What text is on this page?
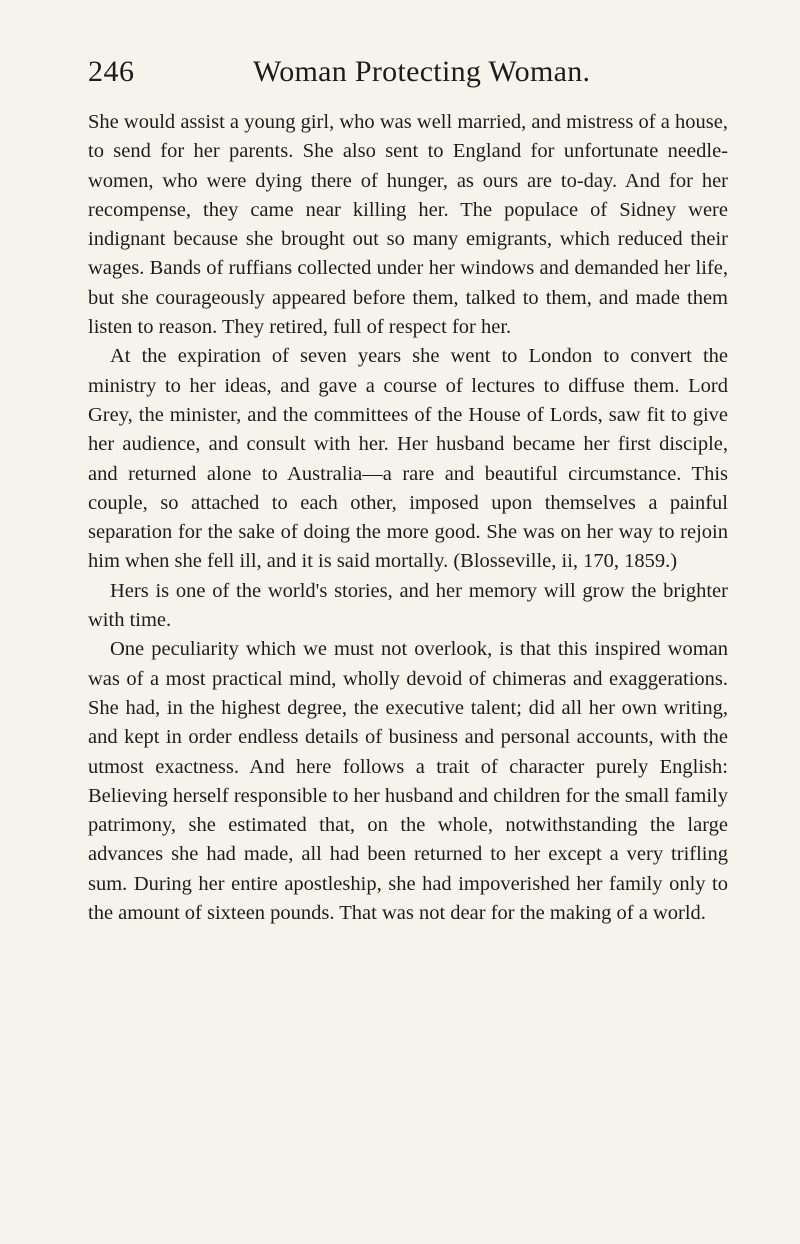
246	Woman Protecting Woman.

She would assist a young girl, who was well married, and mistress of a house, to send for her parents. She also sent to England for unfortunate needle-women, who were dying there of hunger, as ours are to-day. And for her recompense, they came near killing her. The populace of Sidney were indignant because she brought out so many emigrants, which reduced their wages. Bands of ruffians collected under her windows and demanded her life, but she courageously appeared before them, talked to them, and made them listen to reason. They retired, full of respect for her.

At the expiration of seven years she went to London to convert the ministry to her ideas, and gave a course of lectures to diffuse them. Lord Grey, the minister, and the committees of the House of Lords, saw fit to give her audience, and consult with her. Her husband became her first disciple, and returned alone to Australia—a rare and beautiful circumstance. This couple, so attached to each other, imposed upon themselves a painful separation for the sake of doing the more good. She was on her way to rejoin him when she fell ill, and it is said mortally. (Blosseville, ii, 170, 1859.)

Hers is one of the world's stories, and her memory will grow the brighter with time.

One peculiarity which we must not overlook, is that this inspired woman was of a most practical mind, wholly devoid of chimeras and exaggerations. She had, in the highest degree, the executive talent; did all her own writing, and kept in order endless details of business and personal accounts, with the utmost exactness. And here follows a trait of character purely English: Believing herself responsible to her husband and children for the small family patrimony, she estimated that, on the whole, notwithstanding the large advances she had made, all had been returned to her except a very trifling sum. During her entire apostleship, she had impoverished her family only to the amount of sixteen pounds. That was not dear for the making of a world.
